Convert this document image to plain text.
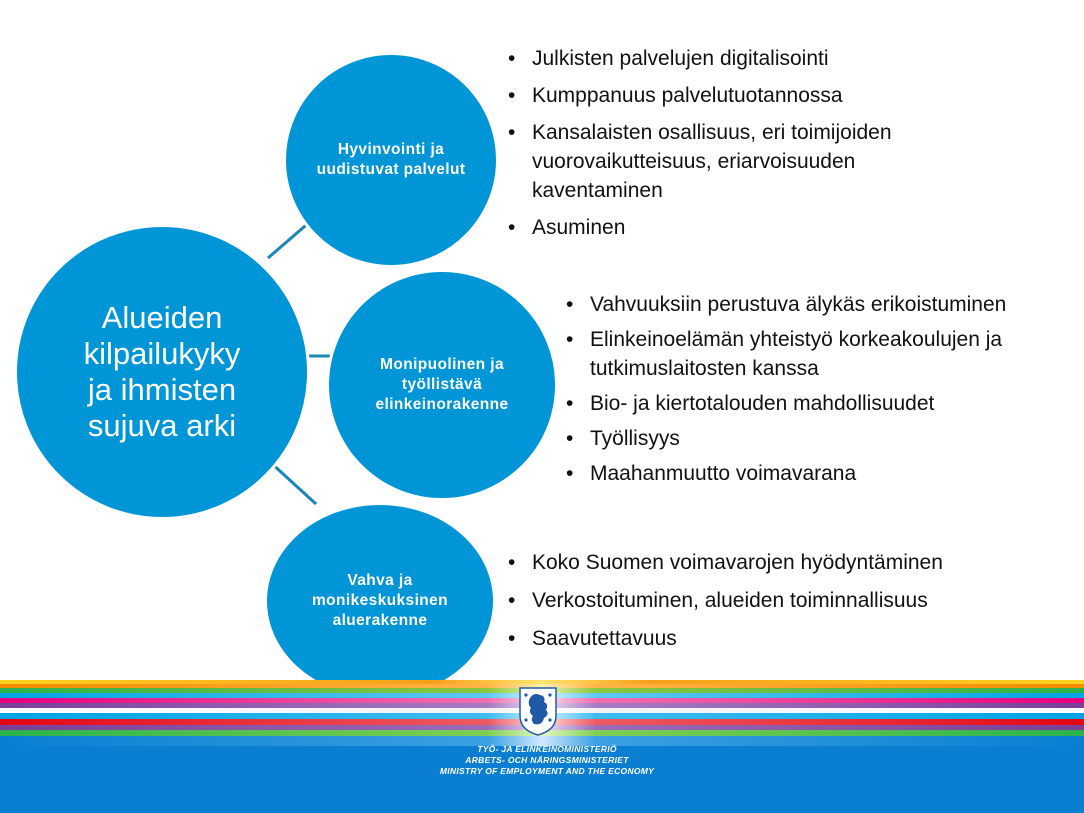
Alueiden
kilpailukyky
ja ihmisten
sujuva arki
Hyvinvointi ja uudistuvat palvelut
Monipuolinen ja työllistävä elinkeinorakenne
Vahva ja monikeskuksinen aluerakenne
• Julkisten palvelujen digitalisointi
• Kumppanuus palvelutuotannossa
• Kansalaisten osallisuus, eri toimijoiden vuorovaikutteisuus, eriarvoisuuden kaventaminen
• Asuminen
• Vahvuuksiin perustuva älykäs erikoistuminen
• Elinkeinoelämän yhteistyö korkeakoulujen ja tutkimuslaitosten kanssa
• Bio- ja kiertotalouden mahdollisuudet
• Työllisyys
• Maahanmuutto voimavarana
• Koko Suomen voimavarojen hyödyntäminen
• Verkostoituminen, alueiden toiminnallisuus
• Saavutettavuus
TYÖ- JA ELINKEINOMINISTERIÖ
ARBETS- OCH NÄRINGSMINISTERIET
MINISTRY OF EMPLOYMENT AND THE ECONOMY
